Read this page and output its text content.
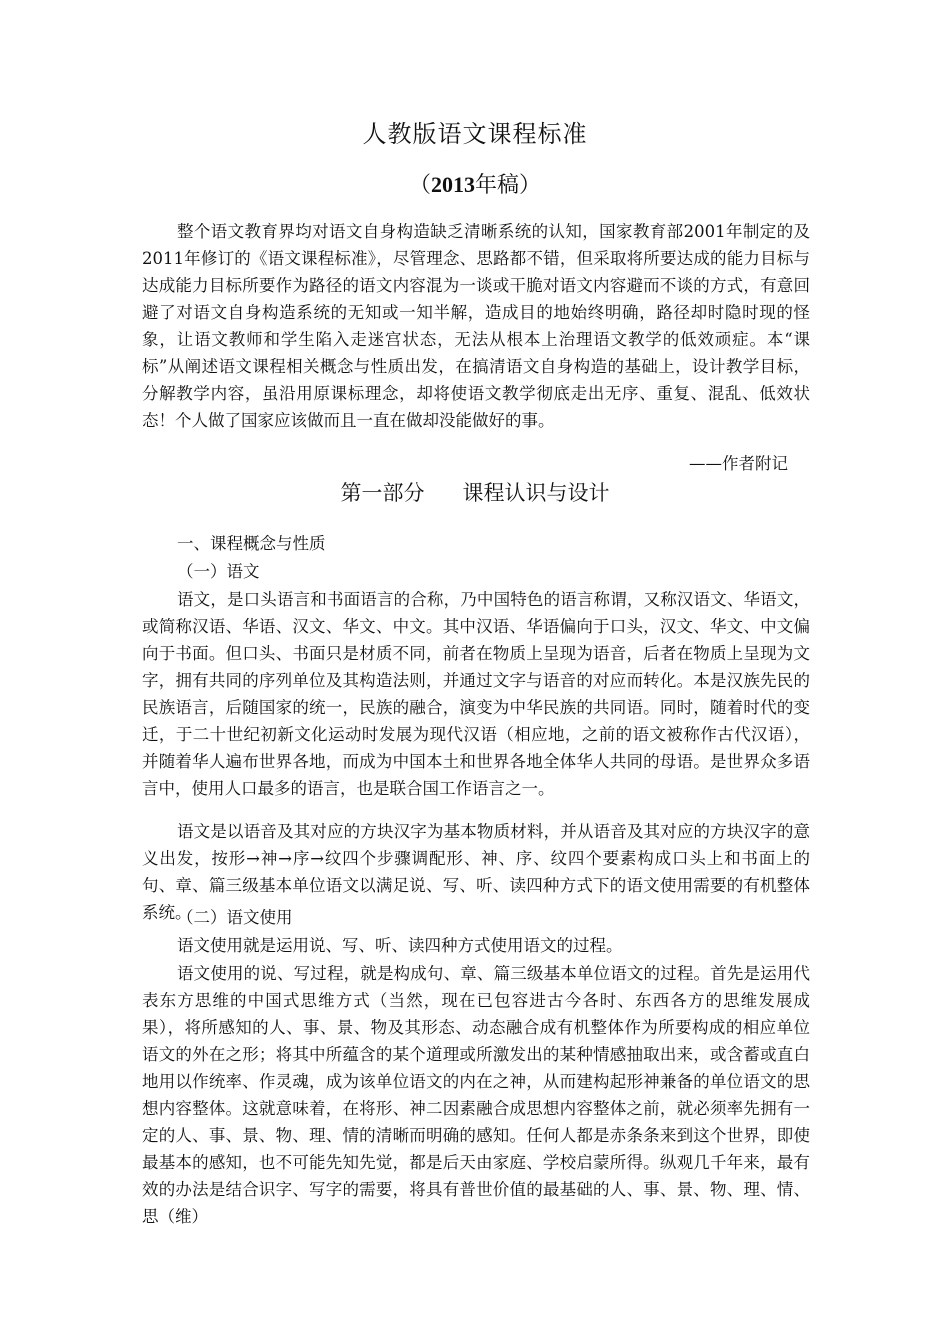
人教版语文课程标准
（2013年稿）

整个语文教育界均对语文自身构造缺乏清晰系统的认知，国家教育部2001年制定的及2011年修订的《语文课程标准》，尽管理念、思路都不错，但采取将所要达成的能力目标与达成能力目标所要作为路径的语文内容混为一谈或干脆对语文内容避而不谈的方式，有意回避了对语文自身构造系统的无知或一知半解，造成目的地始终明确，路径却时隐时现的怪象，让语文教师和学生陷入走迷宫状态，无法从根本上治理语文教学的低效顽症。本“课标”从阐述语文课程相关概念与性质出发，在搞清语文自身构造的基础上，设计教学目标，分解教学内容，虽沿用原课标理念，却将使语文教学彻底走出无序、重复、混乱、低效状态！个人做了国家应该做而且一直在做却没能做好的事。

——作者附记
第一部分 课程认识与设计
一、课程概念与性质
（一）语文

语文，是口头语言和书面语言的合称，乃中国特色的语言称谓，又称汉语文、华语文，或简称汉语、华语、汉文、华文、中文。其中汉语、华语偏向于口头，汉文、华文、中文偏向于书面。但口头、书面只是材质不同，前者在物质上呈现为语音，后者在物质上呈现为文字，拥有共同的序列单位及其构造法则，并通过文字与语音的对应而转化。本是汉族先民的民族语言，后随国家的统一，民族的融合，演变为中华民族的共同语。同时，随着时代的变迁，于二十世纪初新文化运动时发展为现代汉语（相应地，之前的语文被称作古代汉语），并随着华人遍布世界各地，而成为中国本土和世界各地全体华人共同的母语。是世界众多语言中，使用人口最多的语言，也是联合国工作语言之一。

语文是以语音及其对应的方块汉字为基本物质材料，并从语音及其对应的方块汉字的意义出发，按形→神→序→纹四个步骤调配形、神、序、纹四个要素构成口头上和书面上的句、章、篇三级基本单位语文以满足说、写、听、读四种方式下的语文使用需要的有机整体系统。

（二）语文使用

语文使用就是运用说、写、听、读四种方式使用语文的过程。

语文使用的说、写过程，就是构成句、章、篇三级基本单位语文的过程。首先是运用代表东方思维的中国式思维方式（当然，现在已包容进古今各时、东西各方的思维发展成果），将所感知的人、事、景、物及其形态、动态融合成有机整体作为所要构成的相应单位语文的外在之形；将其中所蕴含的某个道理或所激发出的某种情感抽取出来，或含蓄或直白地用以作统率、作灵魂，成为该单位语文的内在之神，从而建构起形神兼备的单位语文的思想内容整体。这就意味着，在将形、神二因素融合成思想内容整体之前，就必须率先拥有一定的人、事、景、物、理、情的清晰而明确的感知。任何人都是赤条条来到这个世界，即使最基本的感知，也不可能先知先觉，都是后天由家庭、学校启蒙所得。纵观几千年来，最有效的办法是结合识字、写字的需要，将具有普世价值的最基础的人、事、景、物、理、情、思（维）
